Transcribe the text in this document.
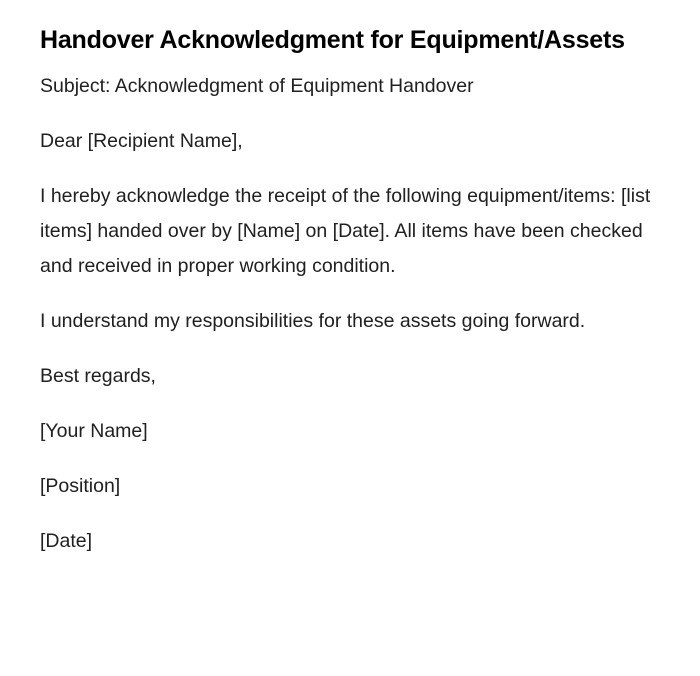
Handover Acknowledgment for Equipment/Assets

Subject: Acknowledgment of Equipment Handover

Dear [Recipient Name],

I hereby acknowledge the receipt of the following equipment/items: [list items] handed over by [Name] on [Date]. All items have been checked and received in proper working condition.

I understand my responsibilities for these assets going forward.

Best regards,

[Your Name]

[Position]

[Date]
